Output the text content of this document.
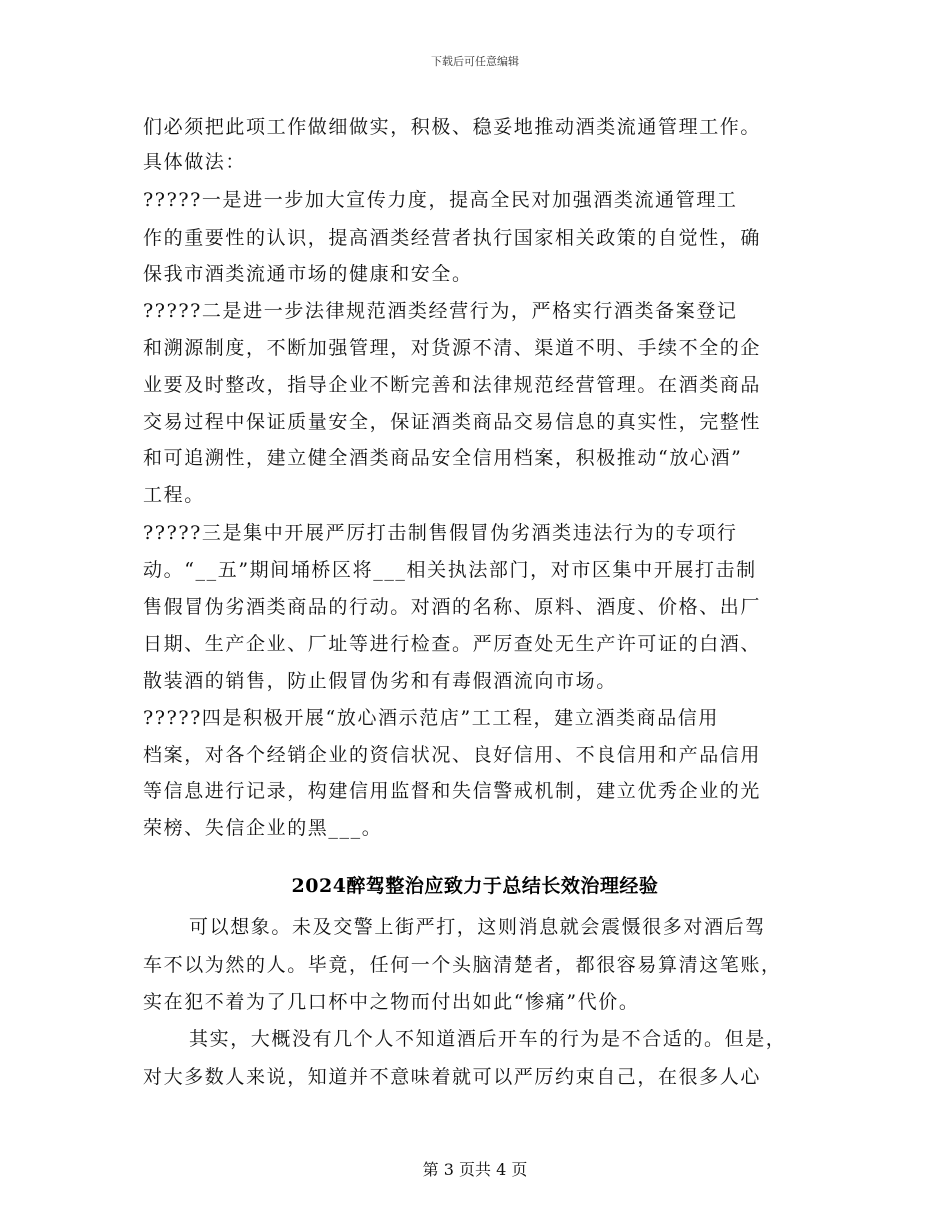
下载后可任意编辑
们必须把此项工作做细做实，积极、稳妥地推动酒类流通管理工作。
具体做法：
?????一是进一步加大宣传力度，提高全民对加强酒类流通管理工
作的重要性的认识，提高酒类经营者执行国家相关政策的自觉性，确
保我市酒类流通市场的健康和安全。
?????二是进一步法律规范酒类经营行为，严格实行酒类备案登记
和溯源制度，不断加强管理，对货源不清、渠道不明、手续不全的企
业要及时整改，指导企业不断完善和法律规范经营管理。在酒类商品
交易过程中保证质量安全，保证酒类商品交易信息的真实性，完整性
和可追溯性，建立健全酒类商品安全信用档案，积极推动“放心酒”
工程。
?????三是集中开展严厉打击制售假冒伪劣酒类违法行为的专项行
动。“__五”期间埇桥区将___相关执法部门，对市区集中开展打击制
售假冒伪劣酒类商品的行动。对酒的名称、原料、酒度、价格、出厂
日期、生产企业、厂址等进行检查。严厉查处无生产许可证的白酒、
散装酒的销售，防止假冒伪劣和有毒假酒流向市场。
?????四是积极开展“放心酒示范店”工工程，建立酒类商品信用
档案，对各个经销企业的资信状况、良好信用、不良信用和产品信用
等信息进行记录，构建信用监督和失信警戒机制，建立优秀企业的光
荣榜、失信企业的黑___。
2024醉驾整治应致力于总结长效治理经验
可以想象。未及交警上街严打，这则消息就会震慑很多对酒后驾
车不以为然的人。毕竟，任何一个头脑清楚者，都很容易算清这笔账，
实在犯不着为了几口杯中之物而付出如此“惨痛”代价。
其实，大概没有几个人不知道酒后开车的行为是不合适的。但是，
对大多数人来说，知道并不意味着就可以严厉约束自己，在很多人心
第 3 页共 4 页
